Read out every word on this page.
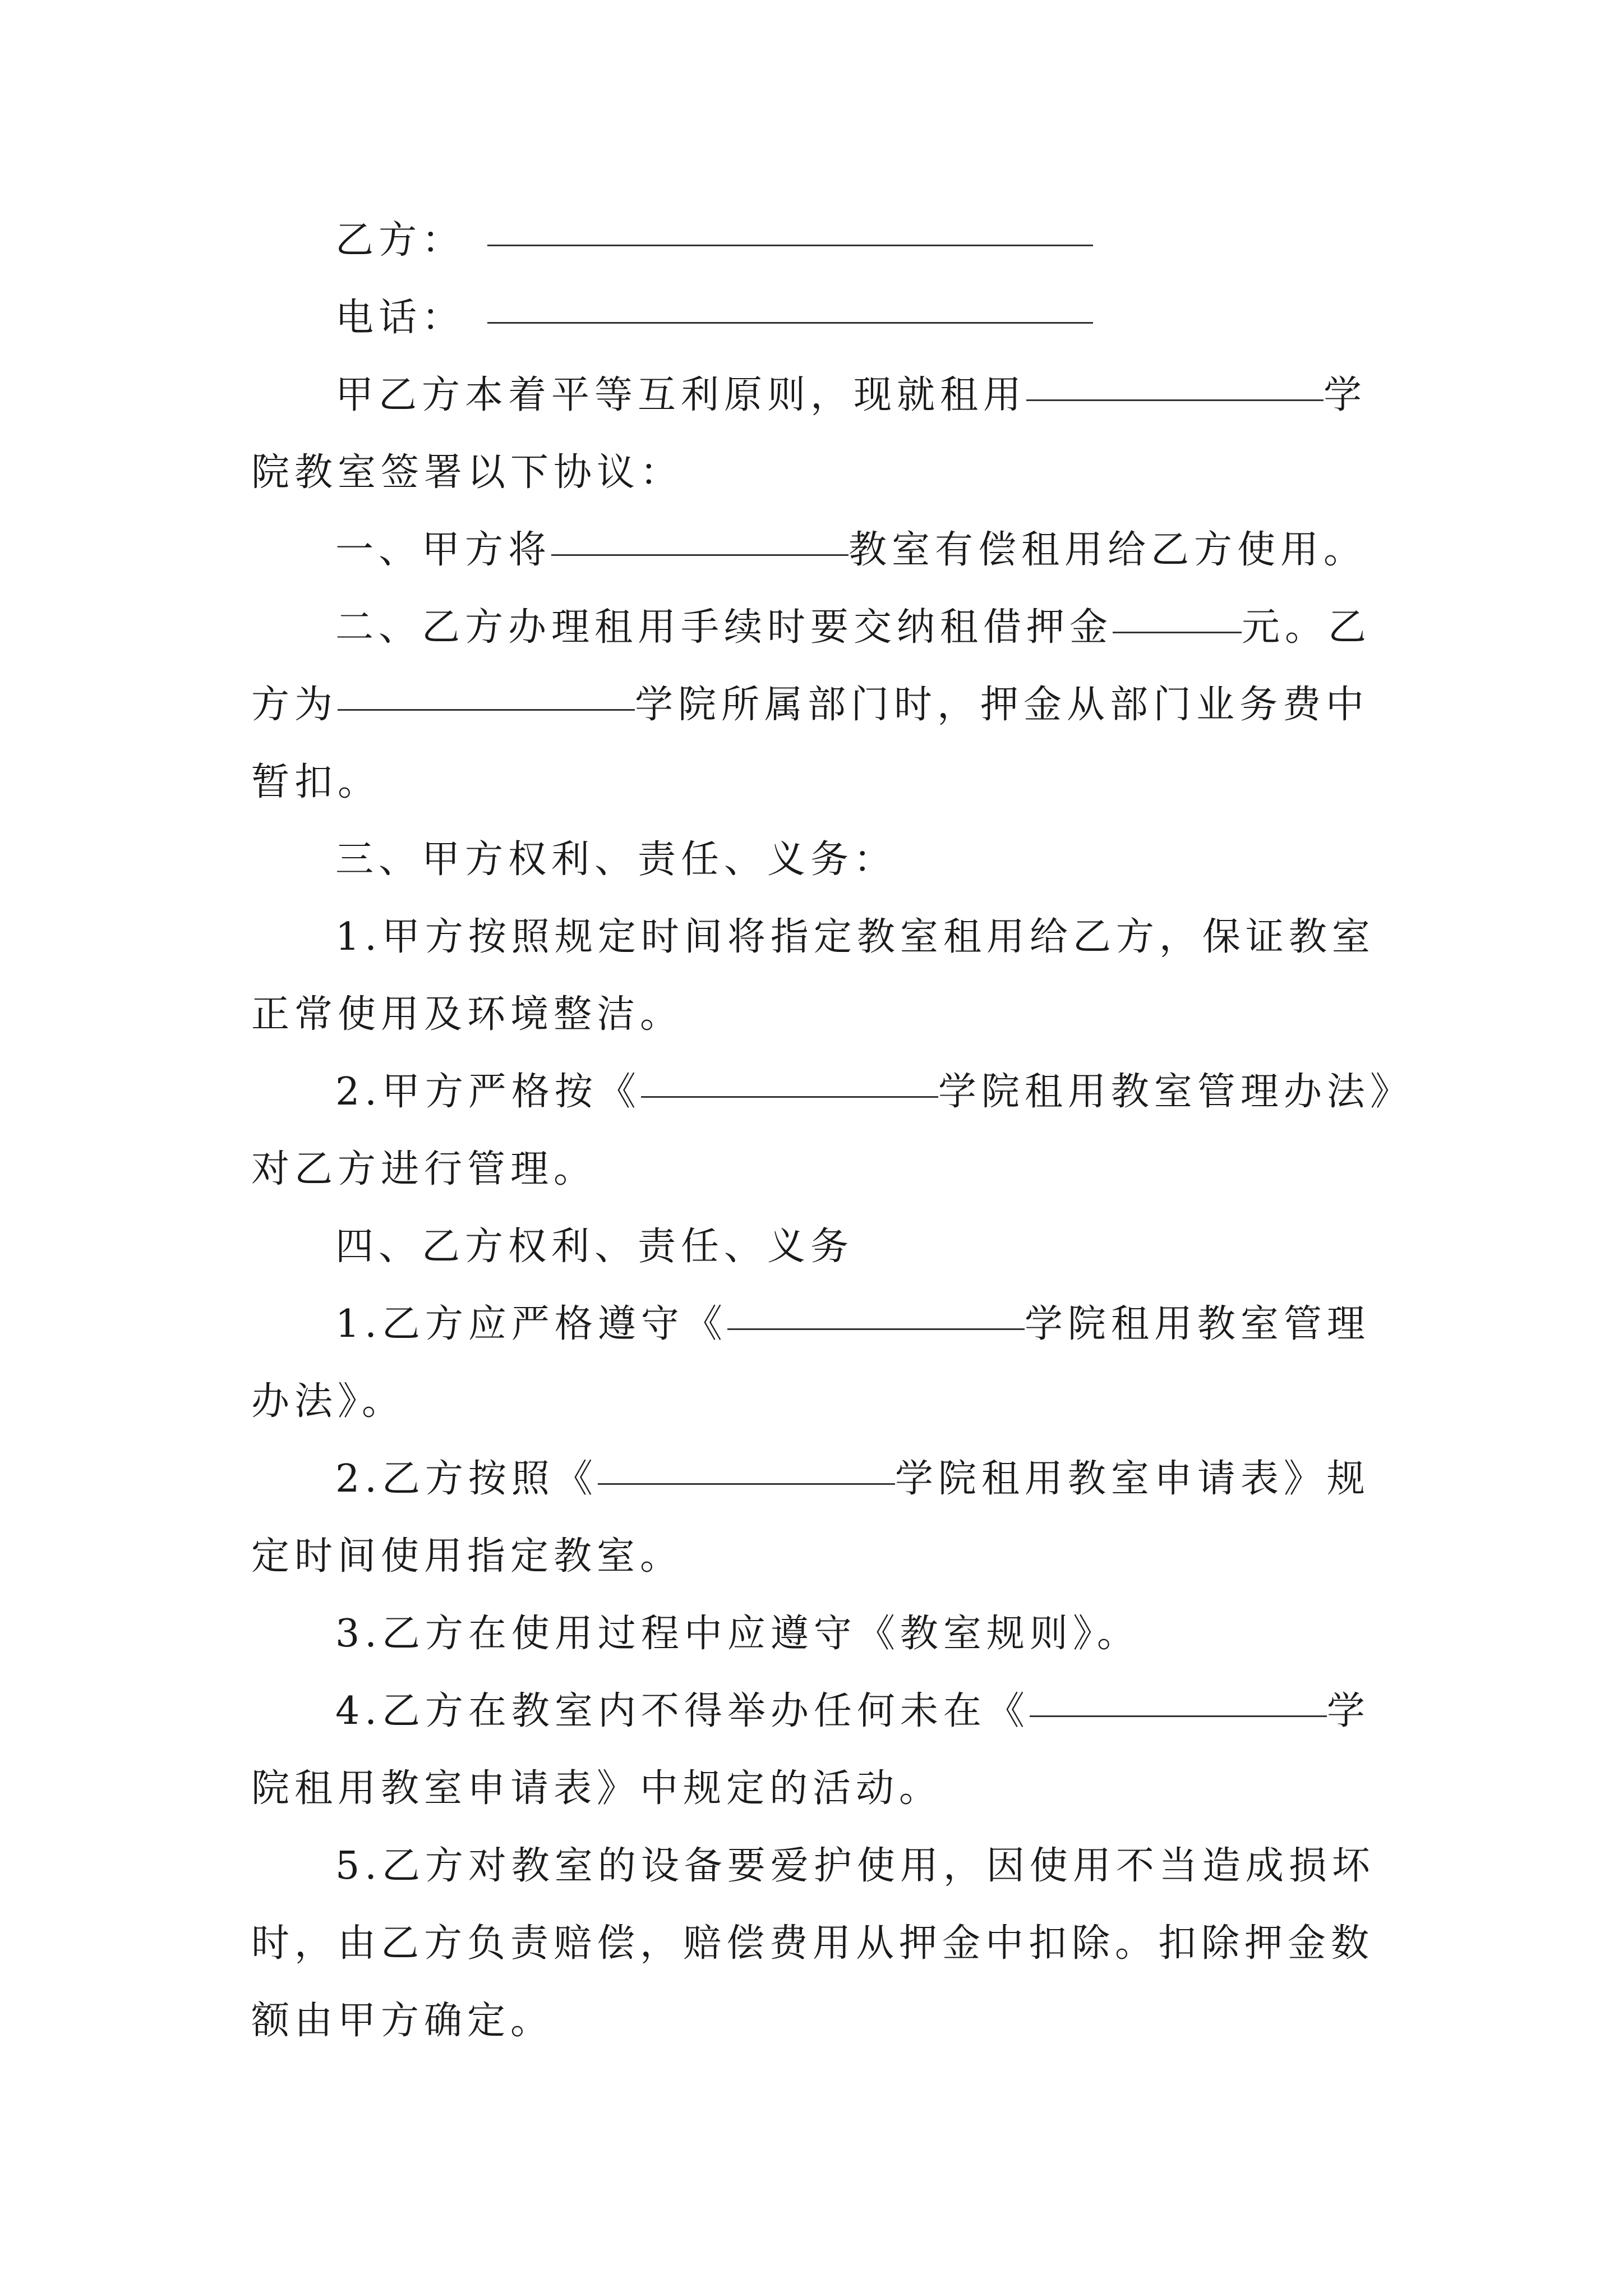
乙方：
电话：
甲乙方本着平等互利原则，现就租用	学
院教室签署以下协议：
一、甲方将	教室有偿租用给乙方使用。
二、乙方办理租用手续时要交纳租借押金	元。乙
方为	学院所属部门时，押金从部门业务费中
暂扣。
三、甲方权利、责任、义务：
1.甲方按照规定时间将指定教室租用给乙方，保证教室
正常使用及环境整洁。
2.甲方严格按《	学院租用教室管理办法》
对乙方进行管理。
四、乙方权利、责任、义务
1.乙方应严格遵守《	学院租用教室管理
办法》。
2.乙方按照《	学院租用教室申请表》规
定时间使用指定教室。
3.乙方在使用过程中应遵守《教室规则》。
4.乙方在教室内不得举办任何未在《	学
院租用教室申请表》中规定的活动。
5.乙方对教室的设备要爱护使用，因使用不当造成损坏
时，由乙方负责赔偿，赔偿费用从押金中扣除。扣除押金数
额由甲方确定。
